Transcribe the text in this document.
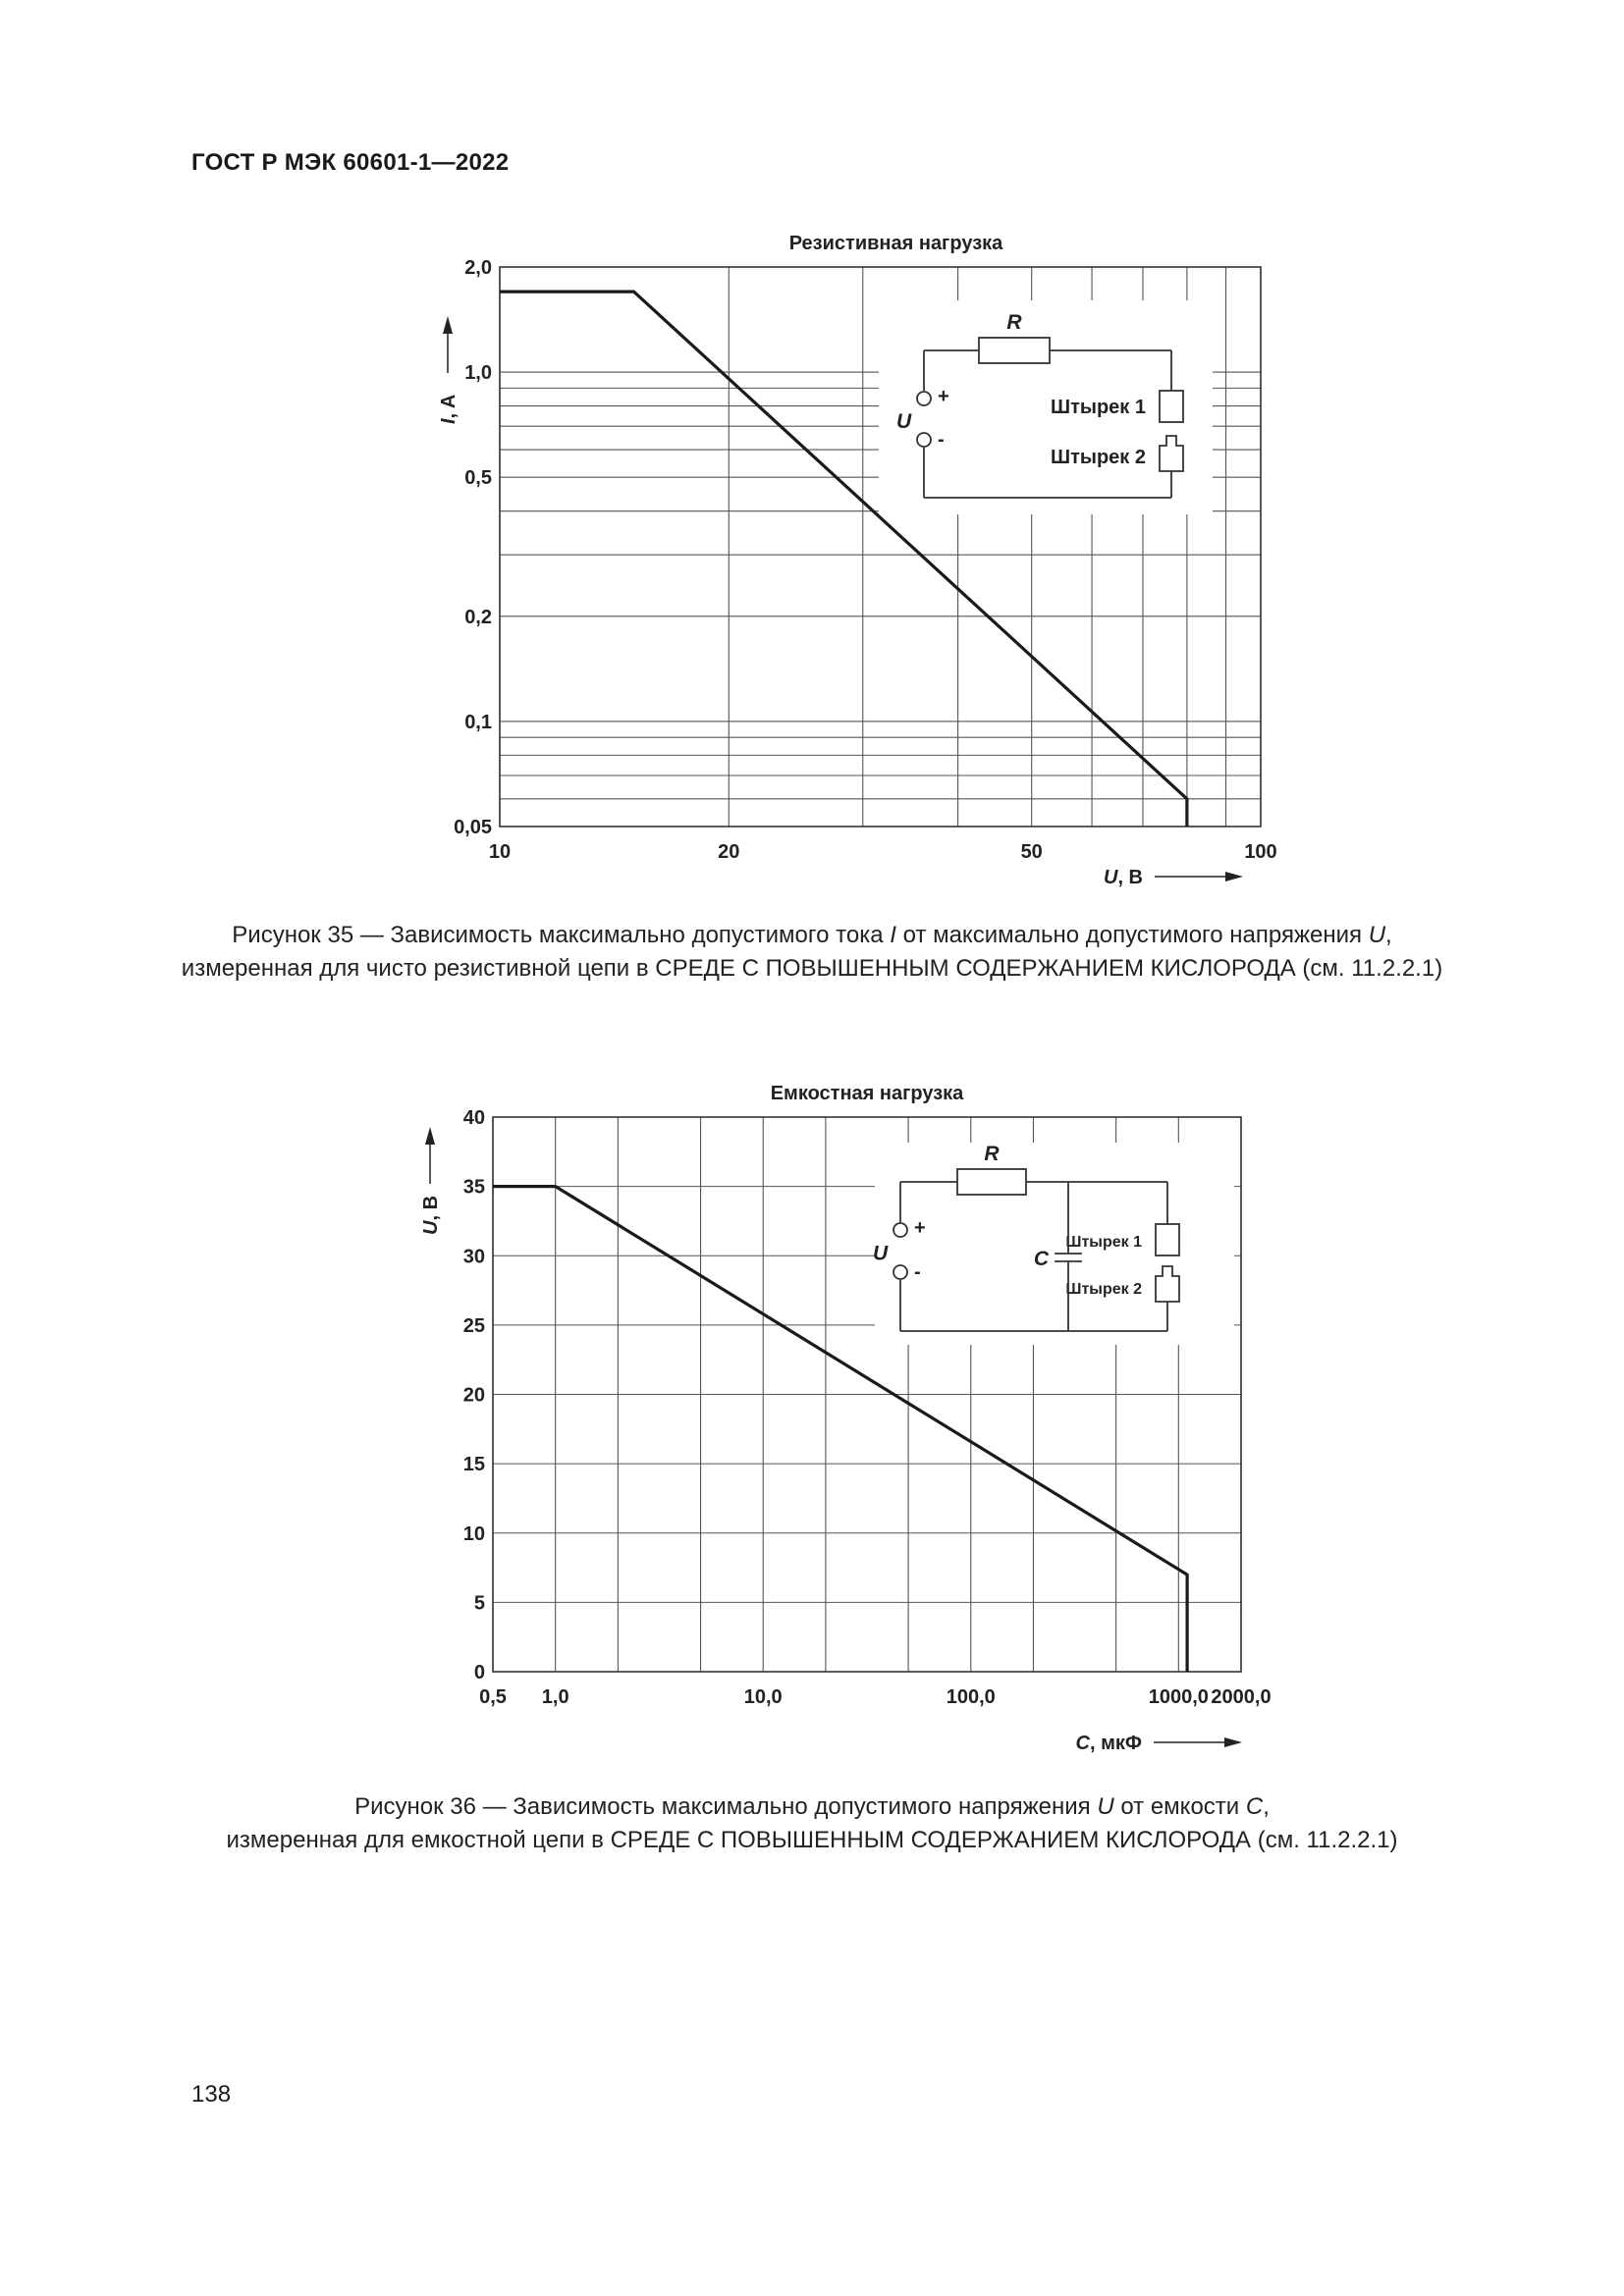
ГОСТ Р МЭК 60601-1—2022
Резистивная нагрузка
10	20	50	100
0,05
0,1
0,2
0,5
1,0
2,0
U, В
I, A
R
+
-
U
Штырек 1
Штырек 2
Рисунок 35 — Зависимость максимально допустимого тока I от максимально допустимого напряжения U,
измеренная для чисто резистивной цепи в СРЕДЕ С ПОВЫШЕННЫМ СОДЕРЖАНИЕМ КИСЛОРОДА (см. 11.2.2.1)
Емкостная нагрузка
0,5 1,0	10,0	100,0	1000,0 2000,0
0
5
10
15
20
25
30
35
40
C, мкФ
U, В
R
+
-
U	Штырек 1
Штырек 2
C
Рисунок 36 — Зависимость максимально допустимого напряжения U от емкости C,
измеренная для емкостной цепи в СРЕДЕ С ПОВЫШЕННЫМ СОДЕРЖАНИЕМ КИСЛОРОДА (см. 11.2.2.1)
138
